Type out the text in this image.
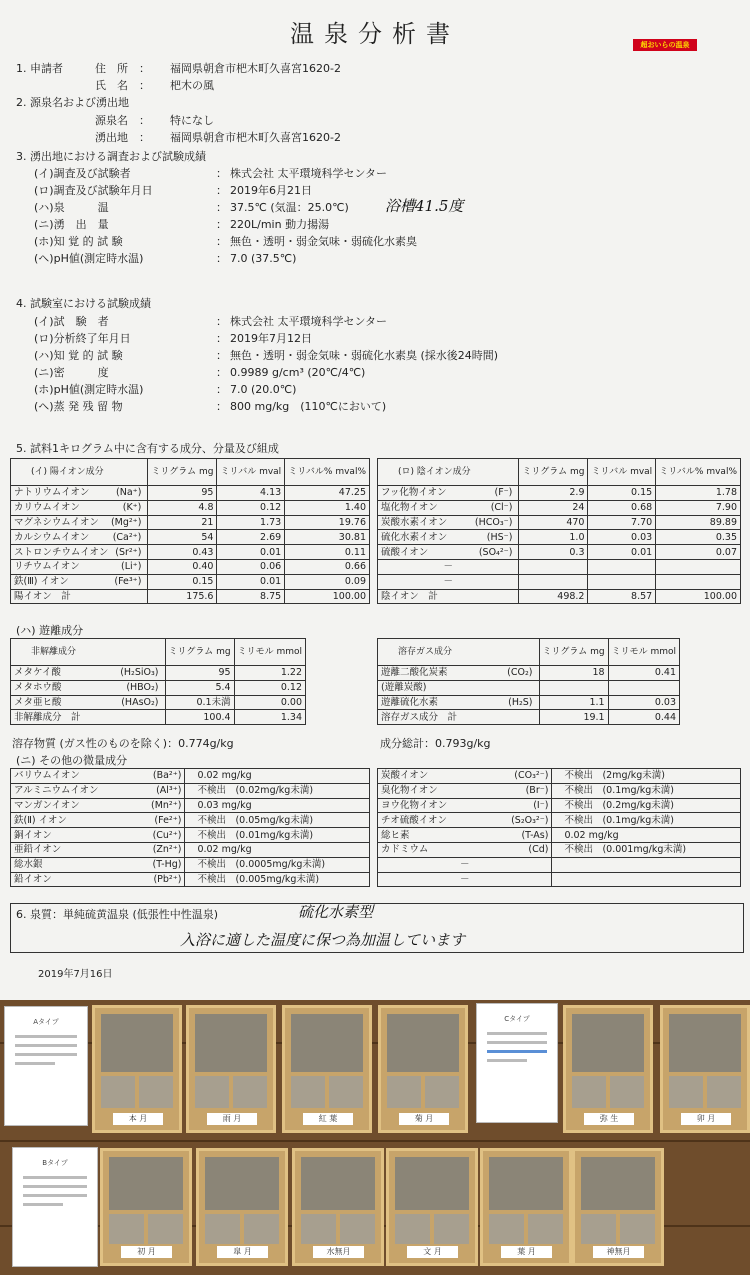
温泉分析書	超おいらの温泉
1. 申請者	住　所　： 福岡県朝倉市杷木町久喜宮1620-2
氏　名　： 杷木の風
2. 源泉名および湧出地
源泉名　： 特になし
湧出地　： 福岡県朝倉市杷木町久喜宮1620-2
3. 湧出地における調査および試験成績
(イ)調査及び試験者	： 株式会社 太平環境科学センター
(ロ)調査及び試験年月日	： 2019年6月21日
(ハ)泉　　　温	： 37.5℃ (気温：25.0℃)
(ニ)湧　出　量	： 220L/min 動力揚湯
(ホ)知 覚 的 試 験	： 無色・透明・弱金気味・弱硫化水素臭
(ヘ)pH値(測定時水温)	： 7.0 (37.5℃)
浴槽41.5度
4. 試験室における試験成績
(イ)試　験　者	： 株式会社 太平環境科学センター
(ロ)分析終了年月日	： 2019年7月12日
(ハ)知 覚 的 試 験	： 無色・透明・弱金気味・弱硫化水素臭 (採水後24時間)
(ニ)密　　　度	： 0.9989 g/cm³ (20℃/4℃)
(ホ)pH値(測定時水温)	： 7.0 (20.0℃)
(ヘ)蒸 発 残 留 物	： 800 mg/kg　(110℃において)
5. 試料1キログラム中に含有する成分、分量及び組成
(イ) 陽イオン成分	ミリグラム mg	ミリバル mval	ミリバル% mval%
ナトリウムイオン (Na⁺)	95	4.13	47.25
カリウムイオン (K⁺)	4.8	0.12	1.40
マグネシウムイオン (Mg²⁺)	21	1.73	19.76
カルシウムイオン (Ca²⁺)	54	2.69	30.81
ストロンチウムイオン (Sr²⁺)	0.43	0.01	0.11
リチウムイオン (Li⁺)	0.40	0.06	0.66
鉄(Ⅲ) イオン (Fe³⁺)	0.15	0.01	0.09
陽イオン　計	175.6	8.75	100.00
(ロ) 陰イオン成分	ミリグラム mg	ミリバル mval	ミリバル% mval%
フッ化物イオン (F⁻)	2.9	0.15	1.78
塩化物イオン (Cl⁻)	24	0.68	7.90
炭酸水素イオン (HCO₃⁻)	470	7.70	89.89
硫化水素イオン (HS⁻)	1.0	0.03	0.35
硫酸イオン (SO₄²⁻)	0.3	0.01	0.07
－			
－			
陰イオン　計	498.2	8.57	100.00
(ハ) 遊離成分
非解離成分	ミリグラム mg	ミリモル mmol
メタケイ酸 (H₂SiO₃)	95	1.22
メタホウ酸 (HBO₂)	5.4	0.12
メタ亜ヒ酸 (HAsO₂)	0.1未満	0.00
非解離成分　計	100.4	1.34
溶存ガス成分	ミリグラム mg	ミリモル mmol
遊離二酸化炭素 (CO₂)	18	0.41
(遊離炭酸)

遊離硫化水素 (H₂S)	1.1	0.03
溶存ガス成分　計	19.1	0.44
溶存物質 (ガス性のものを除く)：0.774g/kg	成分総計：0.793g/kg
(ニ) その他の微量成分
バリウムイオン	(Ba²⁺)	0.02 mg/kg
アルミニウムイオン	(Al³⁺)	不検出　(0.02mg/kg未満)
マンガンイオン	(Mn²⁺)	0.03 mg/kg
鉄(Ⅱ) イオン	(Fe²⁺)	不検出　(0.05mg/kg未満)
銅イオン	(Cu²⁺)	不検出　(0.01mg/kg未満)
亜鉛イオン	(Zn²⁺)	0.02 mg/kg
総水銀	(T-Hg)	不検出　(0.0005mg/kg未満)
鉛イオン	(Pb²⁺)	不検出　(0.005mg/kg未満)
炭酸イオン	(CO₃²⁻)	不検出　(2mg/kg未満)
臭化物イオン	(Br⁻)	不検出　(0.1mg/kg未満)
ヨウ化物イオン	(I⁻)	不検出　(0.2mg/kg未満)
チオ硫酸イオン	(S₂O₃²⁻)	不検出　(0.1mg/kg未満)
総ヒ素	(T-As)	0.02 mg/kg
カドミウム	(Cd)	不検出　(0.001mg/kg未満)
－		
－		
6. 泉質：単純硫黄温泉 (低張性中性温泉)	硫化水素型
入浴に適した温度に保つ為加温しています
2019年7月16日
Aタイプ	Cタイプ
Bタイプ
本 月	雨 月	紅 葉	菊 月	弥 生	卯 月
初 月	皐 月	水無月	文 月	葉 月	神無月
